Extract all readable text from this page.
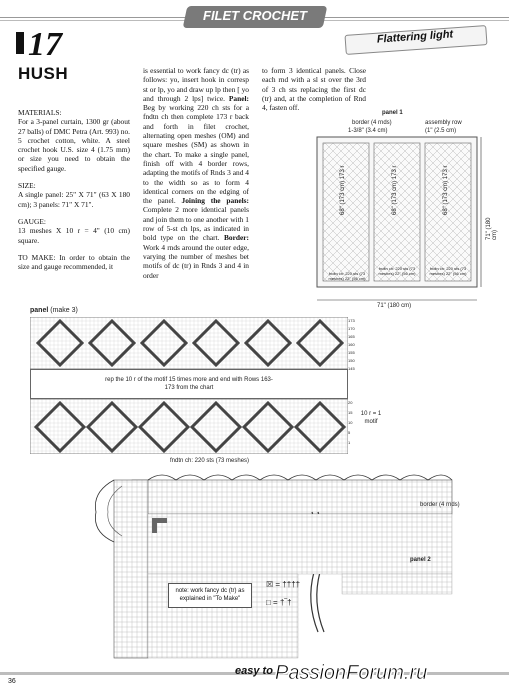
FILET CROCHET
Flattering light
17
HUSH

MATERIALS:
For a 3-panel curtain, 1300 gr (about 27 balls) of DMC Petra (Art. 993) no. 5 crochet cotton, white. A steel crochet hook U.S. size 4 (1.75 mm) or size you need to obtain the specified gauge.

SIZE:
A single panel: 25" X 71" (63 X 180 cm); 3 panels: 71" X 71".

GAUGE:
13 meshes X 10 r = 4" (10 cm) square.

TO MAKE: In order to obtain the size and gauge recommended, it

is essential to work fancy dc (tr) as follows: yo, insert hook in corresp st or lp, yo and draw up lp then [ yo and through 2 lps] twice. Panel: Beg by working 220 ch sts for a fndtn ch then complete 173 r back and forth in filet crochet, alternating open meshes (OM) and square meshes (SM) as shown in the chart. To make a single panel, finish off with 4 border rows, adapting the motifs of Rnds 3 and 4 to the width so as to form 4 identical corners on the edging of the panel. Joining the panels: Complete 2 more identical panels and join them to one another with 1 row of 5-st ch lps, as indicated in bold type on the chart. Border: Work 4 rnds around the outer edge, varying the number of meshes bet motifs of dc (tr) in Rnds 3 and 4 in order

to form 3 identical panels. Close each rnd with a sl st over the 3rd of 3 ch sts replacing the first dc (tr) and, at the completion of Rnd 4, fasten off.

panel 1
border (4 rnds)
1-3/8" (3.4 cm)
assembly row
(1" (2.5 cm)
68" (173 cm) 173 r	68" (173 cm) 173 r	68" (173 cm) 173 r
71" (180 cm)
71" (180 cm)
fndtn ch: 220 sts (73 meshes) 22" (56 cm)
fndtn ch: 220 sts (73 meshes) 22" (56 cm)
fndtn ch: 220 sts (73 meshes) 22" (56 cm)
panel (make 3)
rep the 10 r of the motif 15 times more and end with Rows 163-173 from the chart
10 r = 1 motif
fndtn ch: 220 sts (73 meshes)
173
170
165
160
155
150
145
20
15
10
5
1
border (4 rnds)
panel 2
note: work fancy dc (tr) as explained in "To Make"
☒ = ††††
□ = †‾†
easy to PassionForum.ru
36
